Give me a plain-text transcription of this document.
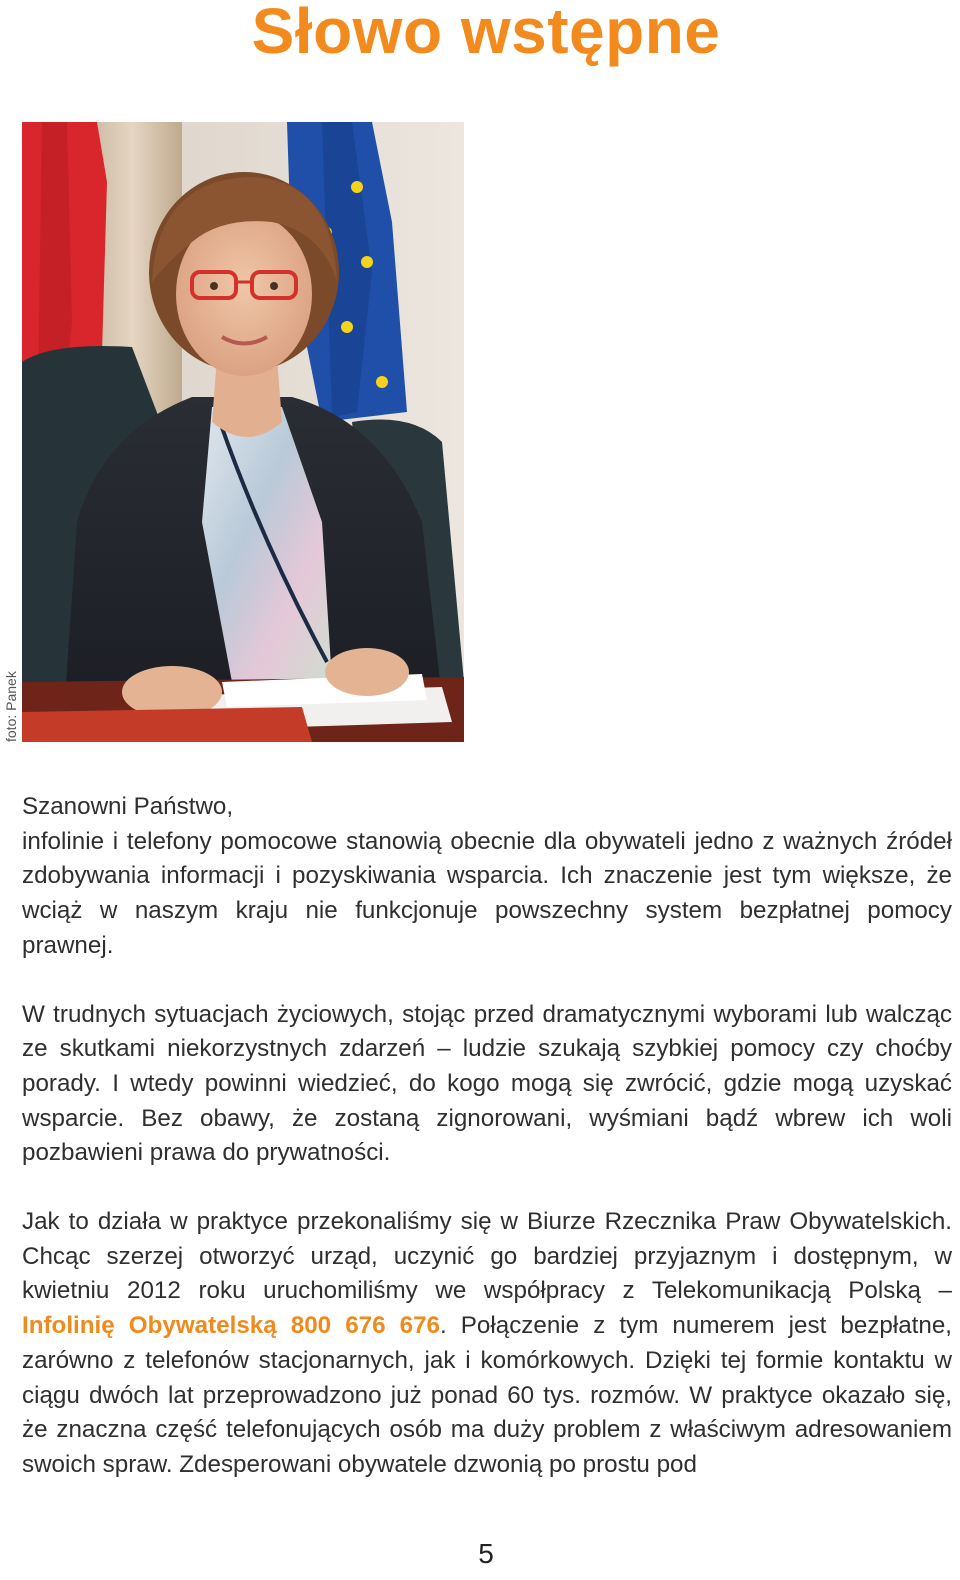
Słowo wstępne
foto: Panek

Szanowni Państwo,
infolinie i telefony pomocowe stanowią obecnie dla obywateli jedno z ważnych źródeł zdobywania informacji i pozyskiwania wsparcia. Ich znaczenie jest tym większe, że wciąż w naszym kraju nie funkcjonuje powszechny system bezpłatnej pomocy prawnej.

W trudnych sytuacjach życiowych, stojąc przed dramatycznymi wyborami lub walcząc ze skutkami niekorzystnych zdarzeń – ludzie szukają szybkiej pomocy czy choćby porady. I wtedy powinni wiedzieć, do kogo mogą się zwrócić, gdzie mogą uzyskać wsparcie. Bez obawy, że zostaną zignorowani, wyśmiani bądź wbrew ich woli pozbawieni prawa do prywatności.

Jak to działa w praktyce przekonaliśmy się w Biurze Rzecznika Praw Obywatelskich. Chcąc szerzej otworzyć urząd, uczynić go bardziej przyjaznym i dostępnym, w kwietniu 2012 roku uruchomiliśmy we współpracy z Telekomunikacją Polską – Infolinię Obywatelską 800 676 676. Połączenie z tym numerem jest bezpłatne, zarówno z telefonów stacjonarnych, jak i komórkowych. Dzięki tej formie kontaktu w ciągu dwóch lat przeprowadzono już ponad 60 tys. rozmów. W praktyce okazało się, że znaczna część telefonujących osób ma duży problem z właściwym adresowaniem swoich spraw. Zdesperowani obywatele dzwonią po prostu pod

5
